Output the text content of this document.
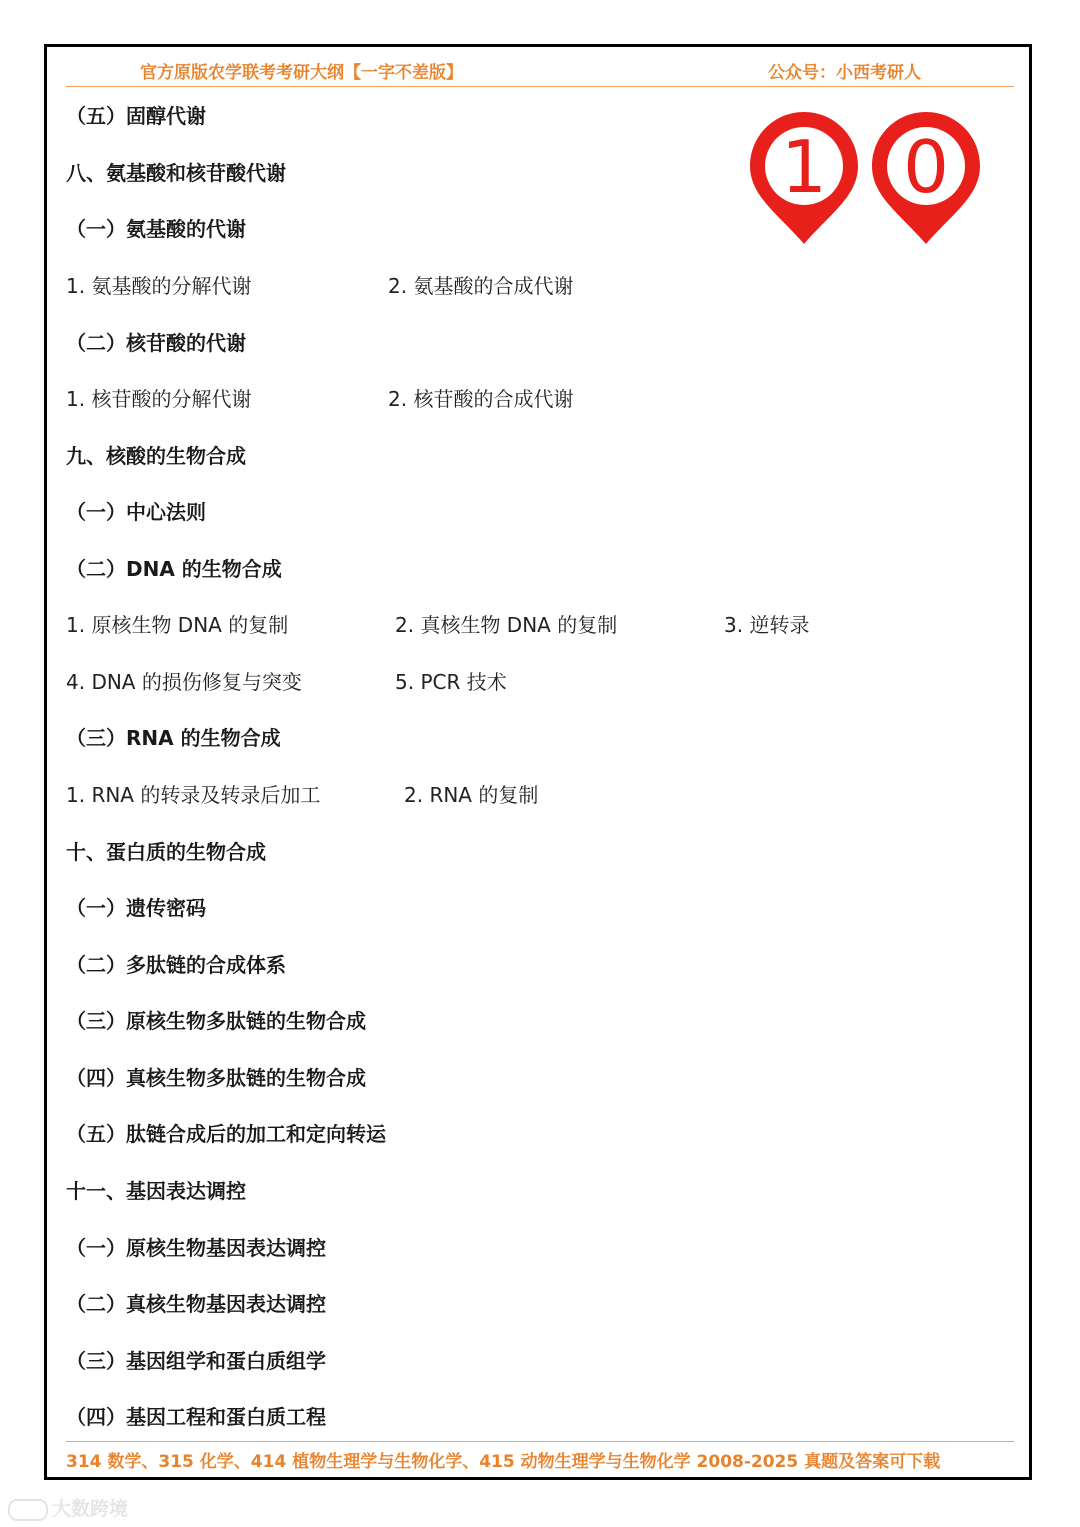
官方原版农学联考考研大纲【一字不差版】	公众号：小西考研人
1 0
（五）固醇代谢
八、氨基酸和核苷酸代谢
（一）氨基酸的代谢
1. 氨基酸的分解代谢	2. 氨基酸的合成代谢
（二）核苷酸的代谢
1. 核苷酸的分解代谢	2. 核苷酸的合成代谢
九、核酸的生物合成
（一）中心法则
（二）DNA 的生物合成
1. 原核生物 DNA 的复制	2. 真核生物 DNA 的复制	3. 逆转录
4. DNA 的损伤修复与突变	5. PCR 技术
（三）RNA 的生物合成
1. RNA 的转录及转录后加工	2. RNA 的复制
十、蛋白质的生物合成
（一）遗传密码
（二）多肽链的合成体系
（三）原核生物多肽链的生物合成
（四）真核生物多肽链的生物合成
（五）肽链合成后的加工和定向转运
十一、基因表达调控
（一）原核生物基因表达调控
（二）真核生物基因表达调控
（三）基因组学和蛋白质组学
（四）基因工程和蛋白质工程
314 数学、315 化学、414 植物生理学与生物化学、415 动物生理学与生物化学 2008-2025 真题及答案可下载
大数跨境
